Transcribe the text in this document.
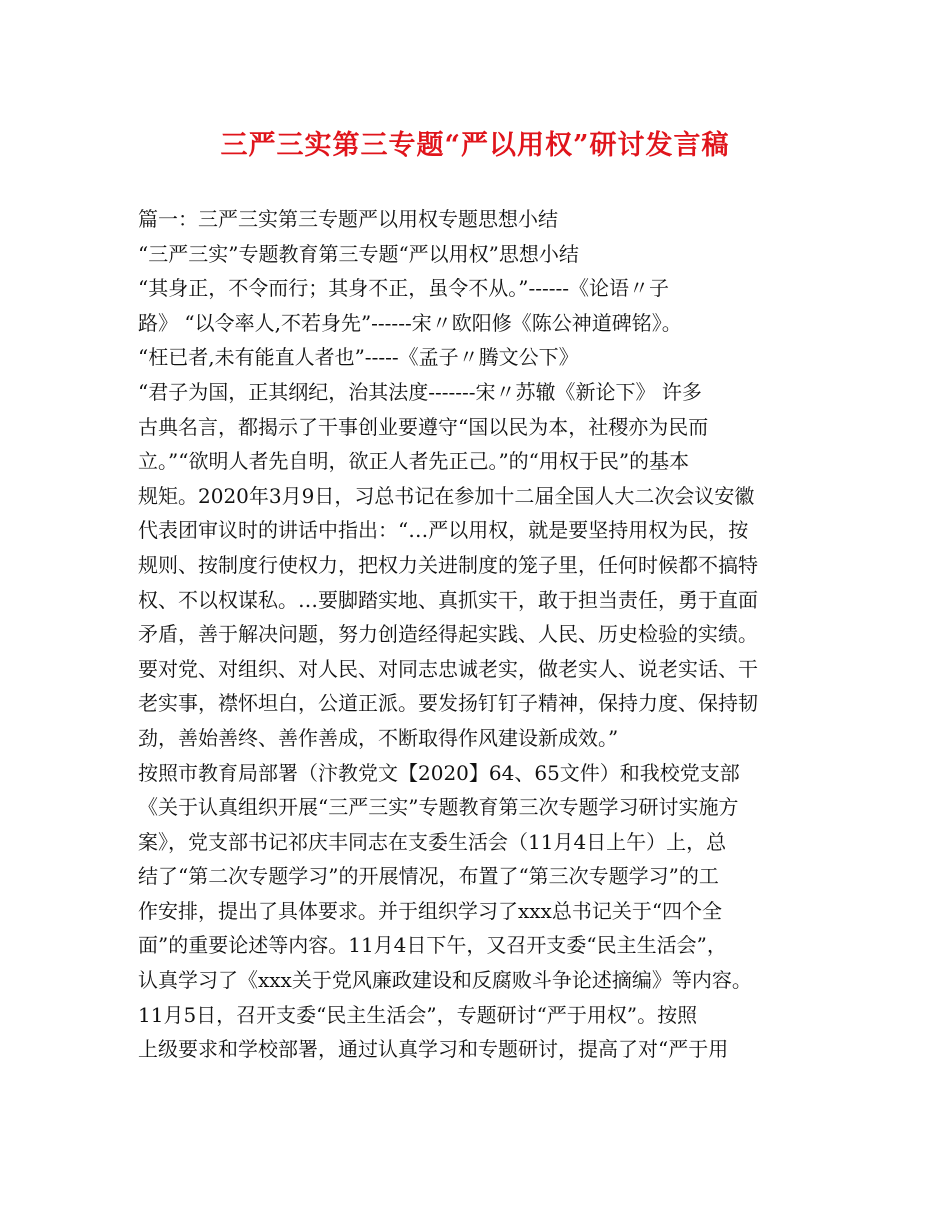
三严三实第三专题“严以用权”研讨发言稿
篇一：三严三实第三专题严以用权专题思想小结
“三严三实”专题教育第三专题“严以用权”思想小结
“其身正，不令而行；其身不正，虽令不从。”------《论语〃子
路》 “以令率人,不若身先”------宋〃欧阳修《陈公神道碑铭》。
“枉已者,未有能直人者也”-----《孟子〃腾文公下》
“君子为国，正其纲纪，治其法度-------宋〃苏辙《新论下》 许多
古典名言，都揭示了干事创业要遵守“国以民为本，社稷亦为民而
立。”“欲明人者先自明，欲正人者先正己。”的“用权于民”的基本
规矩。2020年3月9日，习总书记在参加十二届全国人大二次会议安徽
代表团审议时的讲话中指出：“…严以用权，就是要坚持用权为民，按
规则、按制度行使权力，把权力关进制度的笼子里，任何时候都不搞特
权、不以权谋私。…要脚踏实地、真抓实干，敢于担当责任，勇于直面
矛盾，善于解决问题，努力创造经得起实践、人民、历史检验的实绩。
要对党、对组织、对人民、对同志忠诚老实，做老实人、说老实话、干
老实事，襟怀坦白，公道正派。要发扬钉钉子精神，保持力度、保持韧
劲，善始善终、善作善成，不断取得作风建设新成效。”
按照市教育局部署（汴教党文【2020】64、65文件）和我校党支部
《关于认真组织开展“三严三实”专题教育第三次专题学习研讨实施方
案》，党支部书记祁庆丰同志在支委生活会（11月4日上午）上，总
结了“第二次专题学习”的开展情况，布置了“第三次专题学习”的工
作安排，提出了具体要求。并于组织学习了xxx总书记关于“四个全
面”的重要论述等内容。11月4日下午，又召开支委“民主生活会”，
认真学习了《xxx关于党风廉政建设和反腐败斗争论述摘编》等内容。
11月5日，召开支委“民主生活会”，专题研讨“严于用权”。按照
上级要求和学校部署，通过认真学习和专题研讨，提高了对“严于用
